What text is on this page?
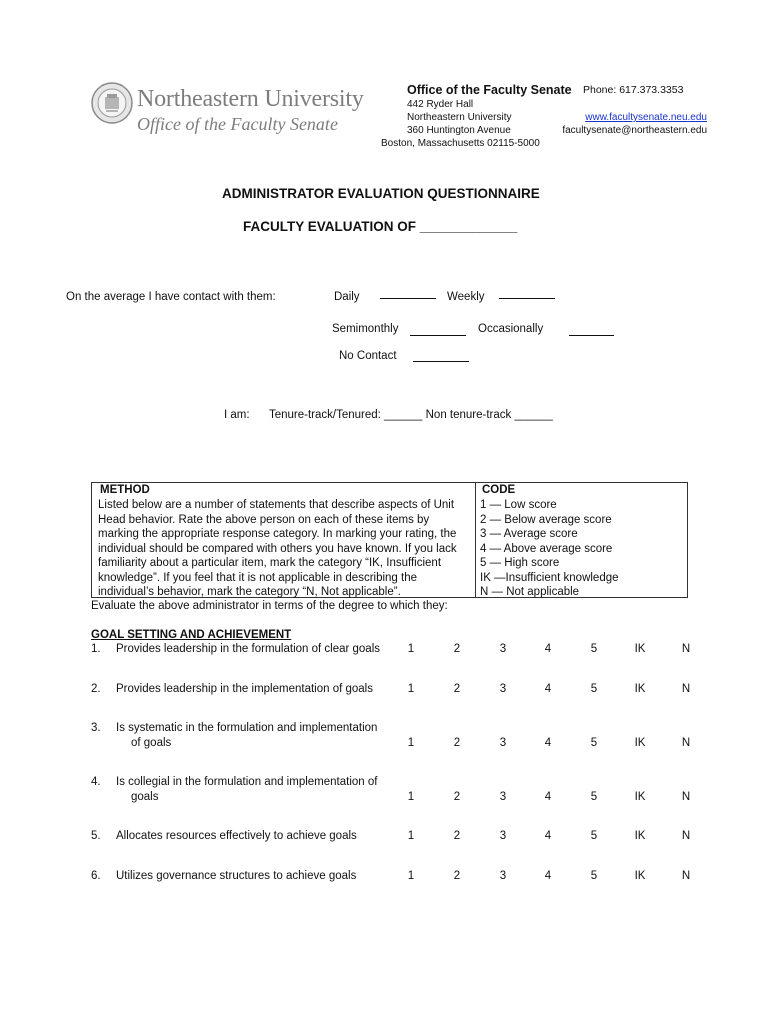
Northeastern University
Office of the Faculty Senate
Office of the Faculty Senate Phone: 617.373.3353
442 Ryder Hall
Northeastern University
360 Huntington Avenue
Boston, Massachusetts 02115-5000
www.facultysenate.neu.edu
facultysenate@northeastern.edu
ADMINISTRATOR EVALUATION QUESTIONNAIRE
FACULTY EVALUATION OF _____________
On the average I have contact with them:	Daily	Weekly
Semimonthly	Occasionally
No Contact
I am: Tenure-track/Tenured: ______ Non tenure-track ______
METHOD
Listed below are a number of statements that describe aspects of Unit
Head behavior. Rate the above person on each of these items by
marking the appropriate response category. In marking your rating, the
individual should be compared with others you have known. If you lack
familiarity about a particular item, mark the category “IK, Insufficient
knowledge”. If you feel that it is not applicable in describing the
individual’s behavior, mark the category “N, Not applicable”.
CODE
1 — Low score
2 — Below average score
3 — Average score
4 — Above average score
5 — High score
IK —Insufficient knowledge
N — Not applicable
Evaluate the above administrator in terms of the degree to which they:
GOAL SETTING AND ACHIEVEMENT
1. Provides leadership in the formulation of clear goals	1	2	3	4	5	IK	N
2. Provides leadership in the implementation of goals	1	2	3	4	5	IK	N
3. Is systematic in the formulation and implementation
of goals	1	2	3	4	5	IK	N
4. Is collegial in the formulation and implementation of
goals	1	2	3	4	5	IK	N
5. Allocates resources effectively to achieve goals	1	2	3	4	5	IK	N
6. Utilizes governance structures to achieve goals	1	2	3	4	5	IK	N
